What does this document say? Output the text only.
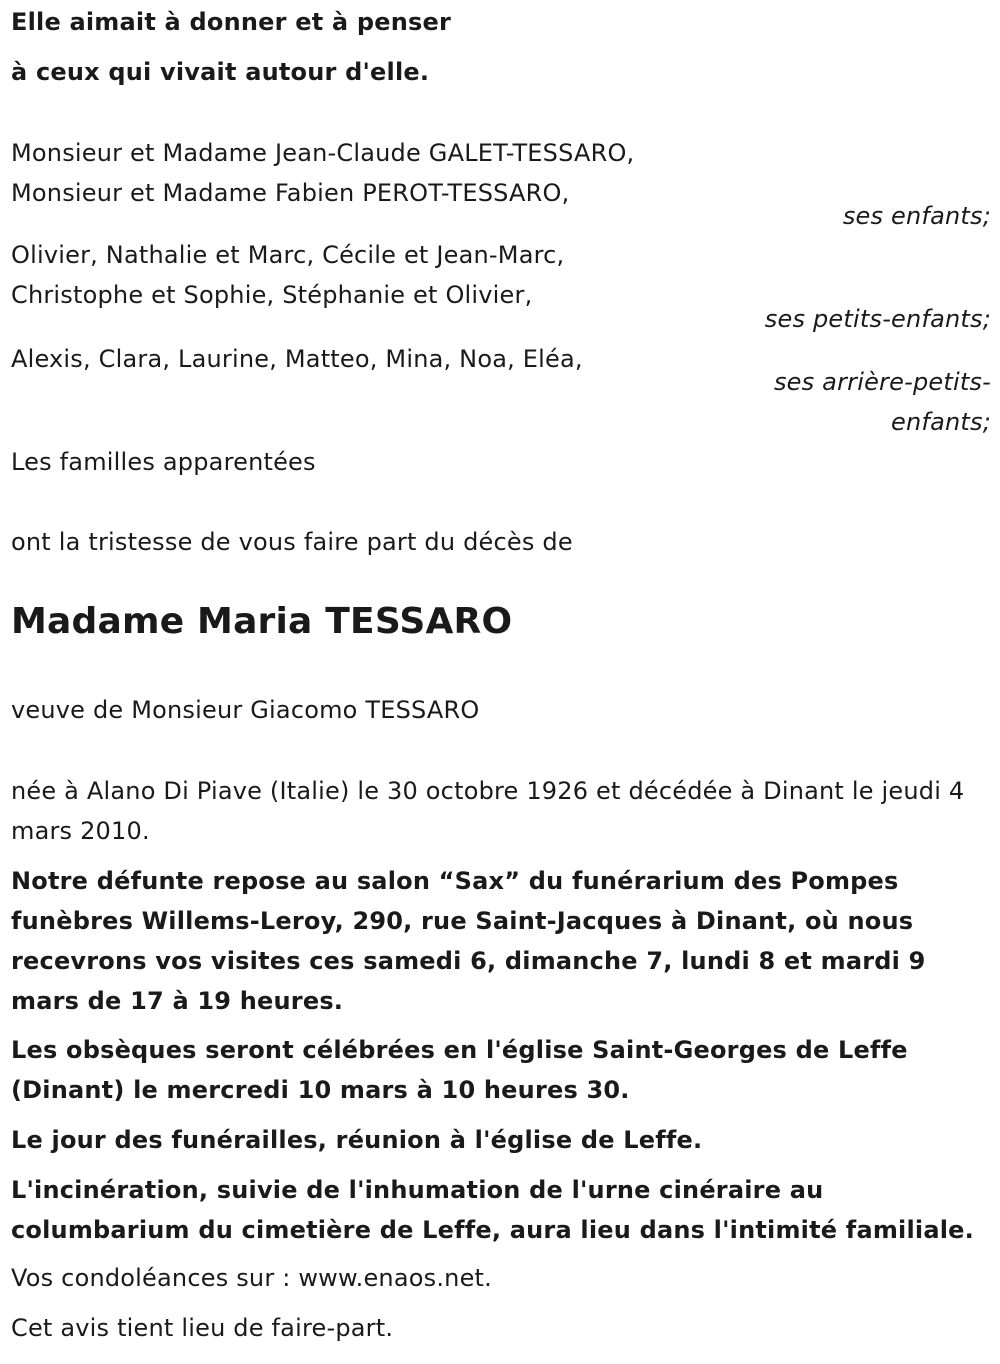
Elle aimait à donner et à penser
à ceux qui vivait autour d'elle.
Monsieur et Madame Jean-Claude GALET-TESSARO,
Monsieur et Madame Fabien PEROT-TESSARO,
ses enfants;
Olivier, Nathalie et Marc, Cécile et Jean-Marc,
Christophe et Sophie, Stéphanie et Olivier,
ses petits-enfants;
Alexis, Clara, Laurine, Matteo, Mina, Noa, Eléa,
ses arrière-petits-
enfants;
Les familles apparentées
ont la tristesse de vous faire part du décès de
Madame Maria TESSARO
veuve de Monsieur Giacomo TESSARO
née à Alano Di Piave (Italie) le 30 octobre 1926 et décédée à Dinant le jeudi 4 mars 2010.
Notre défunte repose au salon “Sax” du funérarium des Pompes funèbres Willems-Leroy, 290, rue Saint-Jacques à Dinant, où nous recevrons vos visites ces samedi 6, dimanche 7, lundi 8 et mardi 9 mars de 17 à 19 heures.
Les obsèques seront célébrées en l'église Saint-Georges de Leffe (Dinant) le mercredi 10 mars à 10 heures 30.
Le jour des funérailles, réunion à l'église de Leffe.
L'incinération, suivie de l'inhumation de l'urne cinéraire au columbarium du cimetière de Leffe, aura lieu dans l'intimité familiale.
Vos condoléances sur : www.enaos.net.
Cet avis tient lieu de faire-part.
